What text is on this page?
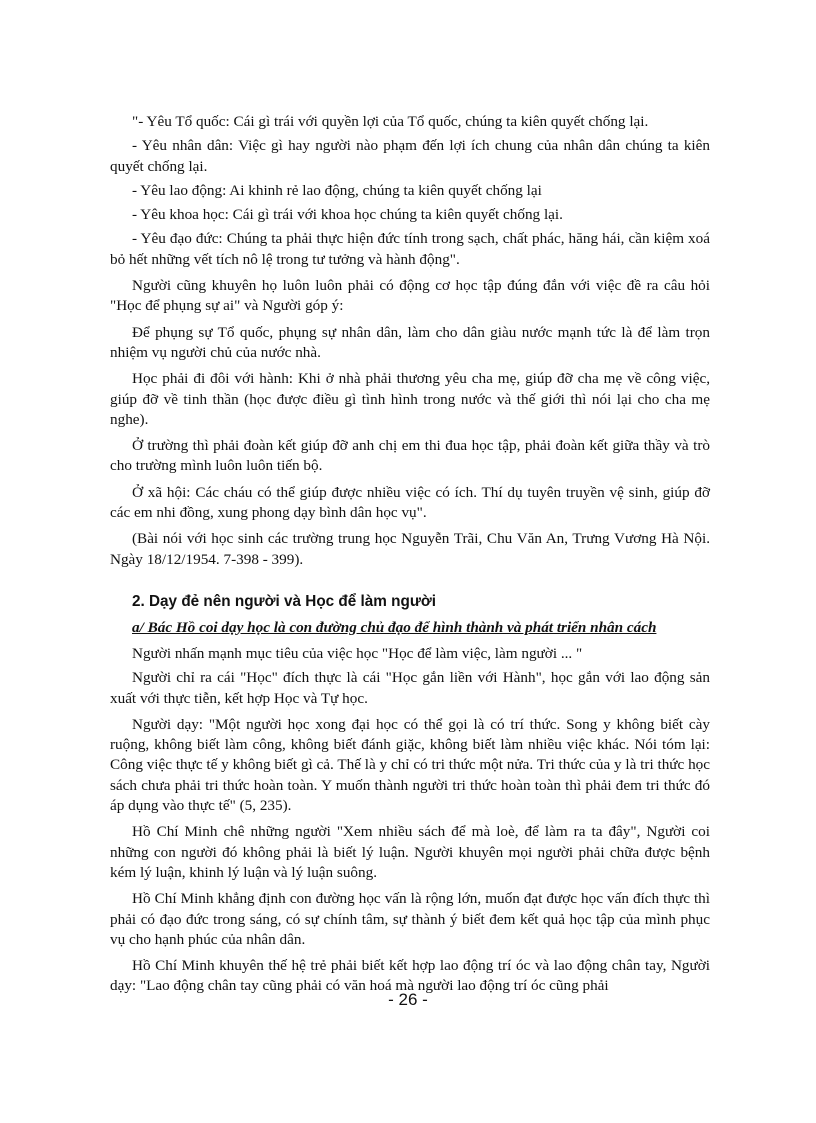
"- Yêu Tổ quốc: Cái gì trái với quyền lợi của Tổ quốc, chúng ta kiên quyết chống lại.

- Yêu nhân dân: Việc gì hay người nào phạm đến lợi ích chung của nhân dân chúng ta kiên quyết chống lại.

- Yêu lao động: Ai khinh rẻ lao động, chúng ta kiên quyết chống lại

- Yêu khoa học: Cái gì trái với khoa học chúng ta kiên quyết chống lại.

- Yêu đạo đức: Chúng ta phải thực hiện đức tính trong sạch, chất phác, hăng hái, cần kiệm xoá bỏ hết những vết tích nô lệ trong tư tưởng và hành động".

Người cũng khuyên họ luôn luôn phải có động cơ học tập đúng đắn với việc đề ra câu hỏi "Học để phụng sự ai" và Người góp ý:

Để phụng sự Tổ quốc, phụng sự nhân dân, làm cho dân giàu nước mạnh tức là để làm trọn nhiệm vụ người chủ của nước nhà.

Học phải đi đôi với hành: Khi ở nhà phải thương yêu cha mẹ, giúp đỡ cha mẹ về công việc, giúp đỡ về tinh thần (học được điều gì tình hình trong nước và thế giới thì nói lại cho cha mẹ nghe).

Ở trường thì phải đoàn kết giúp đỡ anh chị em thi đua học tập, phải đoàn kết giữa thầy và trò cho trường mình luôn luôn tiến bộ.

Ở xã hội: Các cháu có thể giúp được nhiều việc có ích. Thí dụ tuyên truyền vệ sinh, giúp đỡ các em nhi đồng, xung phong dạy bình dân học vụ".

(Bài nói với học sinh các trường trung học Nguyễn Trãi, Chu Văn An, Trưng Vương Hà Nội. Ngày 18/12/1954. 7-398 - 399).

2. Dạy đẻ nên người và Học để làm người
a/ Bác Hồ coi dạy học là con đường chủ đạo để hình thành và phát triển nhân cách

Người nhấn mạnh mục tiêu của việc học "Học để làm việc, làm người ... "

Người chỉ ra cái "Học" đích thực là cái "Học gắn liền với Hành", học gắn với lao động sản xuất với thực tiễn, kết hợp Học và Tự học.

Người dạy: "Một người học xong đại học có thể gọi là có trí thức. Song y không biết cày ruộng, không biết làm công, không biết đánh giặc, không biết làm nhiều việc khác. Nói tóm lại: Công việc thực tế y không biết gì cả. Thế là y chỉ có tri thức một nửa. Tri thức của y là tri thức học sách chưa phải tri thức hoàn toàn. Y muốn thành người tri thức hoàn toàn thì phải đem tri thức đó áp dụng vào thực tế" (5, 235).

Hồ Chí Minh chê những người "Xem nhiều sách để mà loè, để làm ra ta đây", Người coi những con người đó không phải là biết lý luận. Người khuyên mọi người phải chữa được bệnh kém lý luận, khinh lý luận và lý luận suông.

Hồ Chí Minh khẳng định con đường học vấn là rộng lớn, muốn đạt được học vấn đích thực thì phải có đạo đức trong sáng, có sự chính tâm, sự thành ý biết đem kết quả học tập của mình phục vụ cho hạnh phúc của nhân dân.

Hồ Chí Minh khuyên thế hệ trẻ phải biết kết hợp lao động trí óc và lao động chân tay, Người dạy: "Lao động chân tay cũng phải có văn hoá mà người lao động trí óc cũng phải

- 26 -
